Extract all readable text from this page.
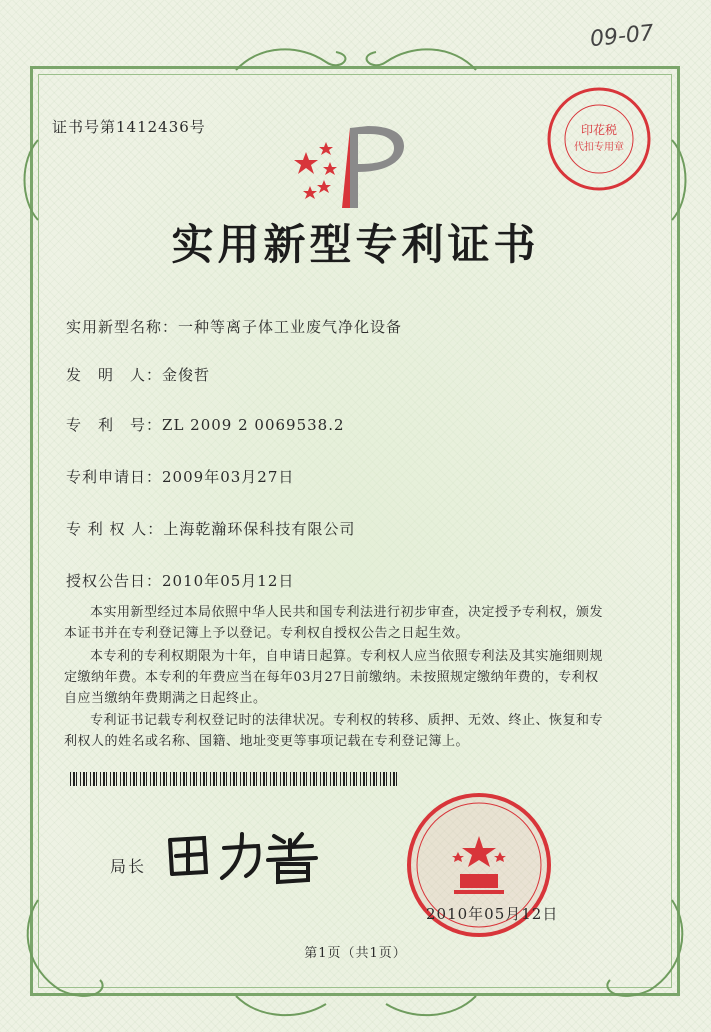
09-07
证书号第1412436号
实用新型专利证书
实用新型名称：一种等离子体工业废气净化设备
发　明　人：金俊哲
专　利　号：ZL 2009 2 0069538.2
专利申请日：2009年03月27日
专 利 权 人：上海乾瀚环保科技有限公司
授权公告日：2010年05月12日
本实用新型经过本局依照中华人民共和国专利法进行初步审查，决定授予专利权，颁发本证书并在专利登记簿上予以登记。专利权自授权公告之日起生效。
本专利的专利权期限为十年，自申请日起算。专利权人应当依照专利法及其实施细则规定缴纳年费。本专利的年费应当在每年03月27日前缴纳。未按照规定缴纳年费的，专利权自应当缴纳年费期满之日起终止。
专利证书记载专利权登记时的法律状况。专利权的转移、质押、无效、终止、恢复和专利权人的姓名或名称、国籍、地址变更等事项记载在专利登记簿上。
局长
印花税
代扣专用章
2010年05月12日
第1页（共1页）
